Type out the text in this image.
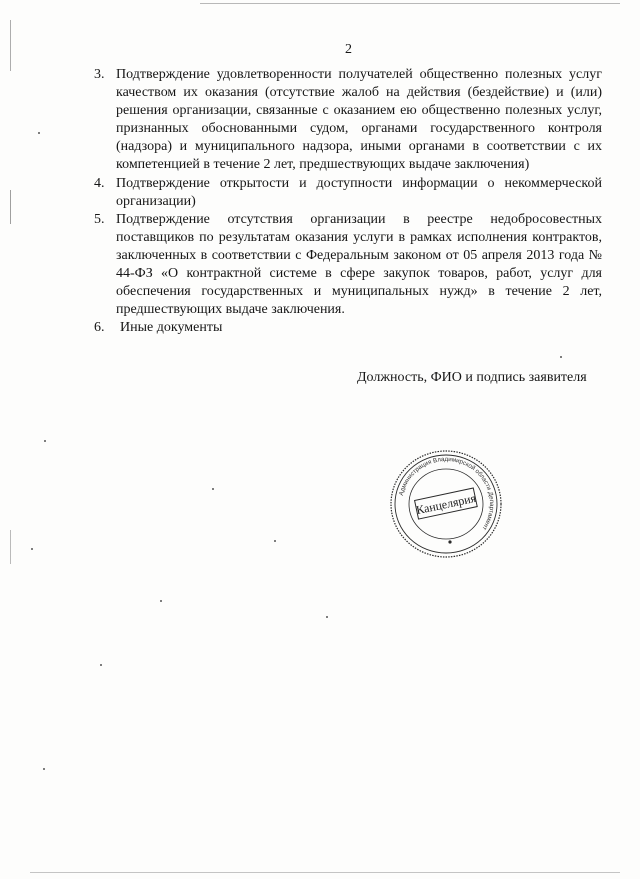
2
3. Подтверждение удовлетворенности получателей общественно полезных услуг качеством их оказания (отсутствие жалоб на действия (бездействие) и (или) решения организации, связанные с оказанием ею общественно полезных услуг, признанных обоснованными судом, органами государственного контроля (надзора) и муниципального надзора, иными органами в соответствии с их компетенцией в течение 2 лет, предшествующих выдаче заключения)
4. Подтверждение открытости и доступности информации о некоммерческой организации)
5. Подтверждение отсутствия организации в реестре недобросовестных поставщиков по результатам оказания услуги в рамках исполнения контрактов, заключенных в соответствии с Федеральным законом от 05 апреля 2013 года № 44-ФЗ «О контрактной системе в сфере закупок товаров, работ, услуг для обеспечения государственных и муниципальных нужд» в течение 2 лет, предшествующих выдаче заключения.
6. Иные документы
Должность, ФИО и подпись заявителя
Администрация Владимирской области Департамент
Канцелярия
